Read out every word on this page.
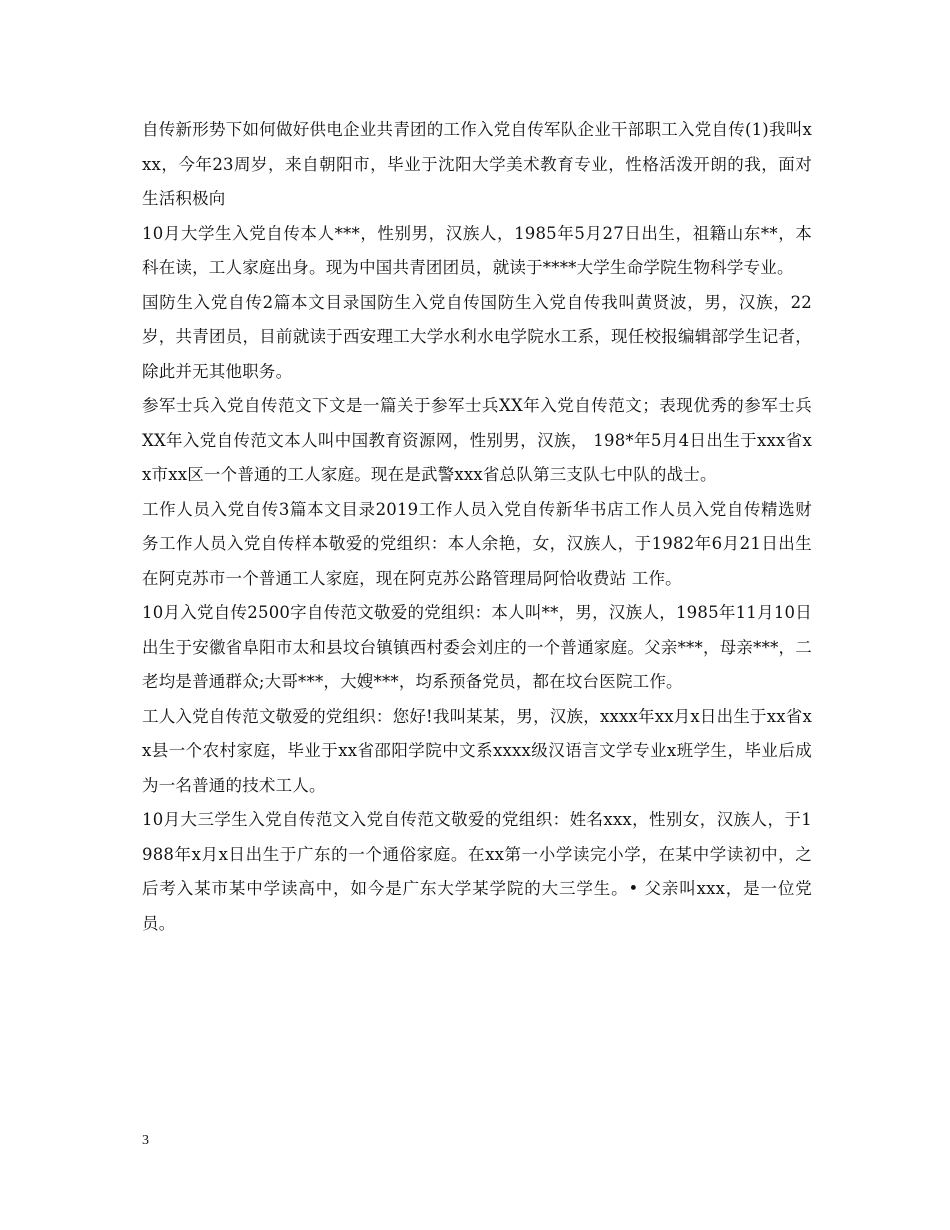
自传新形势下如何做好供电企业共青团的工作入党自传军队企业干部职工入党自传(1)我叫xxx，今年23周岁，来自朝阳市，毕业于沈阳大学美术教育专业，性格活泼开朗的我，面对生活积极向

10月大学生入党自传本人***，性别男，汉族人，1985年5月27日出生，祖籍山东**，本科在读，工人家庭出身。现为中国共青团团员，就读于****大学生命学院生物科学专业。

国防生入党自传2篇本文目录国防生入党自传国防生入党自传我叫黄贤波，男，汉族，22岁，共青团员，目前就读于西安理工大学水利水电学院水工系，现任校报编辑部学生记者，除此并无其他职务。

参军士兵入党自传范文下文是一篇关于参军士兵XX年入党自传范文；表现优秀的参军士兵XX年入党自传范文本人叫中国教育资源网，性别男，汉族， 198*年5月4日出生于xxx省xx市xx区一个普通的工人家庭。现在是武警xxx省总队第三支队七中队的战士。

工作人员入党自传3篇本文目录2019工作人员入党自传新华书店工作人员入党自传精选财务工作人员入党自传样本敬爱的党组织：本人余艳，女，汉族人，于1982年6月21日出生在阿克苏市一个普通工人家庭，现在阿克苏公路管理局阿恰收费站 工作。

10月入党自传2500字自传范文敬爱的党组织：本人叫**，男，汉族人，1985年11月10日出生于安徽省阜阳市太和县坟台镇镇西村委会刘庄的一个普通家庭。父亲***，母亲***，二老均是普通群众;大哥***，大嫂***，均系预备党员，都在坟台医院工作。

工人入党自传范文敬爱的党组织：您好!我叫某某，男，汉族，xxxx年xx月x日出生于xx省xx县一个农村家庭，毕业于xx省邵阳学院中文系xxxx级汉语言文学专业x班学生，毕业后成为一名普通的技术工人。

10月大三学生入党自传范文入党自传范文敬爱的党组织：姓名xxx，性别女，汉族人，于1988年x月x日出生于广东的一个通俗家庭。在xx第一小学读完小学，在某中学读初中，之后考入某市某中学读高中，如今是广东大学某学院的大三学生。• 父亲叫xxx，是一位党员。

3
